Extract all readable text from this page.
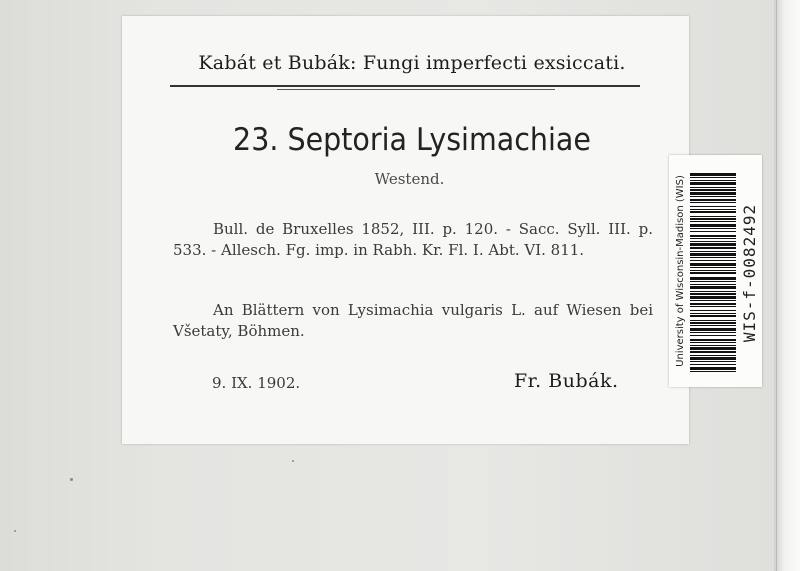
Kabát et Bubák: Fungi imperfecti exsiccati.
23. Septoria Lysimachiae
Westend.
Bull. de Bruxelles 1852, III. p. 120. - Sacc. Syll. III. p. 533. - Allesch. Fg. imp. in Rabh. Kr. Fl. I. Abt. VI. 811.
An Blättern von Lysimachia vulgaris L. auf Wiesen bei Všetaty, Böhmen.
9. IX. 1902.	Fr. Bubák.
University of Wisconsin-Madison (WIS)	WIS-f-0082492
